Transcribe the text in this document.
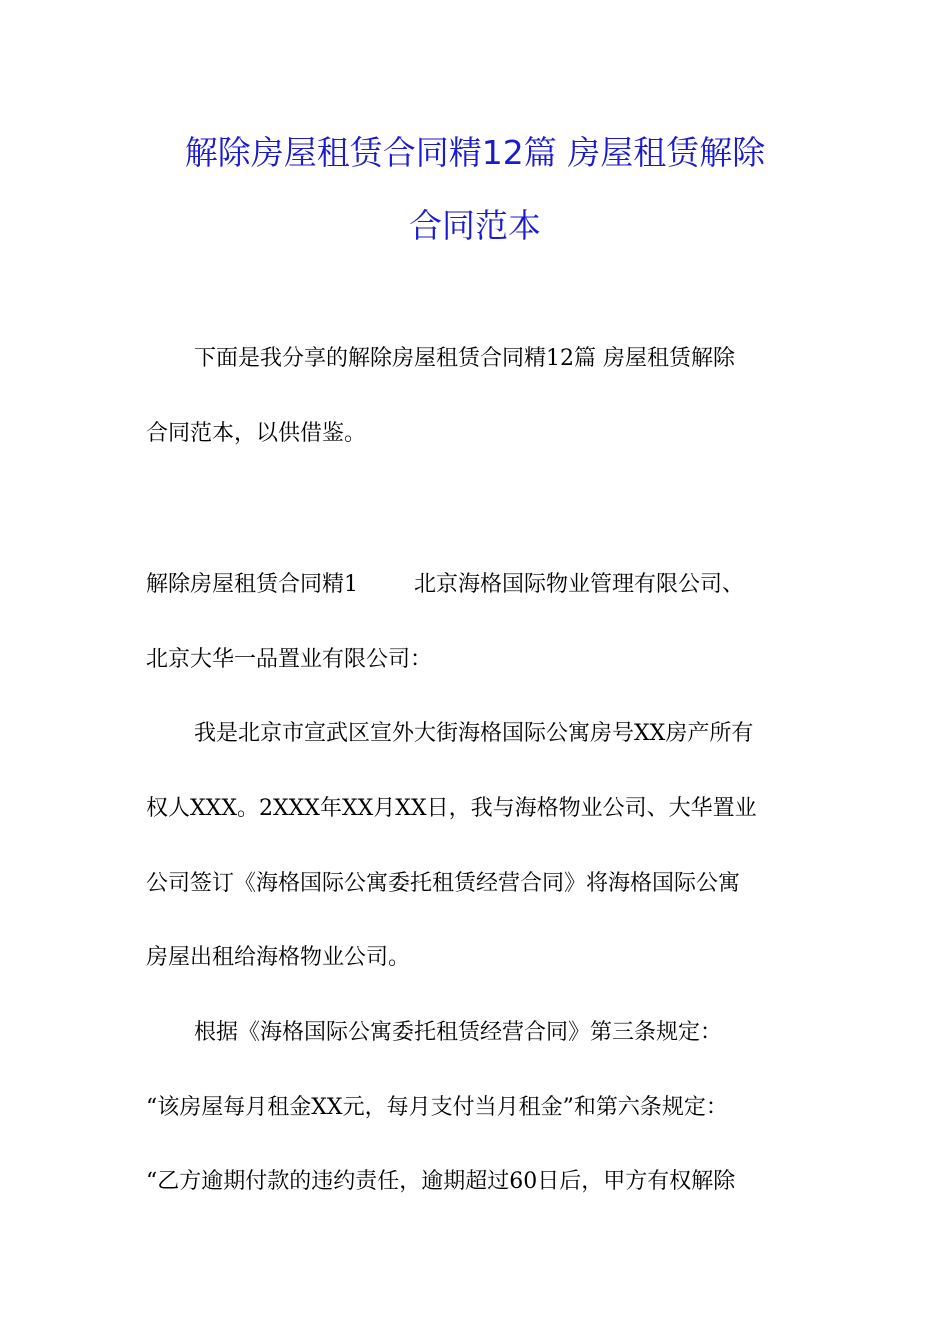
解除房屋租赁合同精12篇 房屋租赁解除
合同范本
下面是我分享的解除房屋租赁合同精12篇 房屋租赁解除
合同范本，以供借鉴。
解除房屋租赁合同精1	北京海格国际物业管理有限公司、
北京大华一品置业有限公司：
我是北京市宣武区宣外大街海格国际公寓房号XX房产所有
权人XXX。2XXX年XX月XX日，我与海格物业公司、大华置业
公司签订《海格国际公寓委托租赁经营合同》将海格国际公寓
房屋出租给海格物业公司。
根据《海格国际公寓委托租赁经营合同》第三条规定：
“该房屋每月租金XX元，每月支付当月租金”和第六条规定：
“乙方逾期付款的违约责任，逾期超过60日后，甲方有权解除
